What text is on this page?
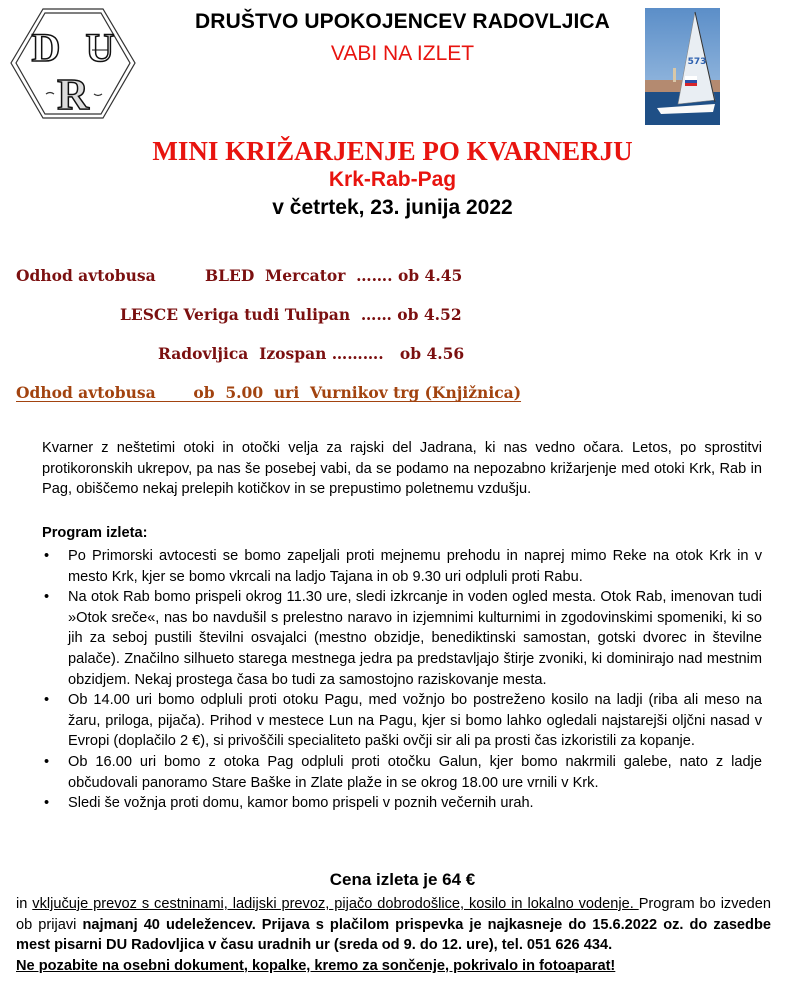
D U
R
DRUŠTVO UPOKOJENCEV RADOVLJICA
VABI NA IZLET	573
MINI KRIŽARJENJE PO KVARNERJU
Krk-Rab-Pag
v četrtek, 23. junija 2022
Odhod avtobusa	BLED  Mercator  ……. ob 4.45
LESCE Veriga tudi Tulipan  …… ob 4.52
Radovljica  Izospan ……….   ob 4.56
Odhod avtobusa       ob  5.00  uri  Vurnikov trg (Knjižnica)
Kvarner z neštetimi otoki in otočki velja za rajski del Jadrana, ki nas vedno očara. Letos, po sprostitvi protikoronskih ukrepov, pa nas še posebej vabi, da se podamo na nepozabno križarjenje med otoki Krk, Rab in Pag, obiščemo nekaj prelepih kotičkov in se prepustimo poletnemu vzdušju.
Program izleta:
• Po Primorski avtocesti se bomo zapeljali proti mejnemu prehodu in naprej mimo Reke na otok Krk in v mesto Krk, kjer se bomo vkrcali na ladjo Tajana in ob 9.30 uri odpluli proti Rabu.
• Na otok Rab bomo prispeli okrog 11.30 ure, sledi izkrcanje in voden ogled mesta. Otok Rab, imenovan tudi »Otok sreče«, nas bo navdušil s prelestno naravo in izjemnimi kulturnimi in zgodovinskimi spomeniki, ki so jih za seboj pustili številni osvajalci (mestno obzidje, benediktinski samostan, gotski dvorec in številne palače). Značilno silhueto starega mestnega jedra pa predstavljajo štirje zvoniki, ki dominirajo nad mestnim obzidjem. Nekaj prostega časa bo tudi za samostojno raziskovanje mesta.
• Ob 14.00 uri bomo odpluli proti otoku Pagu, med vožnjo bo postreženo kosilo na ladji (riba ali meso na žaru, priloga, pijača). Prihod v mestece Lun na Pagu, kjer si bomo lahko ogledali najstarejši oljčni nasad v Evropi (doplačilo 2 €), si privoščili specialiteto paški ovčji sir ali pa prosti čas izkoristili za kopanje.
• Ob 16.00 uri bomo z otoka Pag odpluli proti otočku Galun, kjer bomo nakrmili galebe, nato z ladje občudovali panoramo Stare Baške in Zlate plaže in se okrog 18.00 ure vrnili v Krk.
• Sledi še vožnja proti domu, kamor bomo prispeli v poznih večernih urah.
Cena izleta je 64 €
in vključuje prevoz s cestninami, ladijski prevoz, pijačo dobrodošlice, kosilo in lokalno vodenje. Program bo izveden ob prijavi najmanj 40 udeležencev. Prijava s plačilom prispevka je najkasneje do 15.6.2022 oz. do zasedbe mest pisarni DU Radovljica v času uradnih ur (sreda od 9. do 12. ure), tel. 051 626 434.
Ne pozabite na osebni dokument, kopalke, kremo za sončenje, pokrivalo in fotoaparat!
